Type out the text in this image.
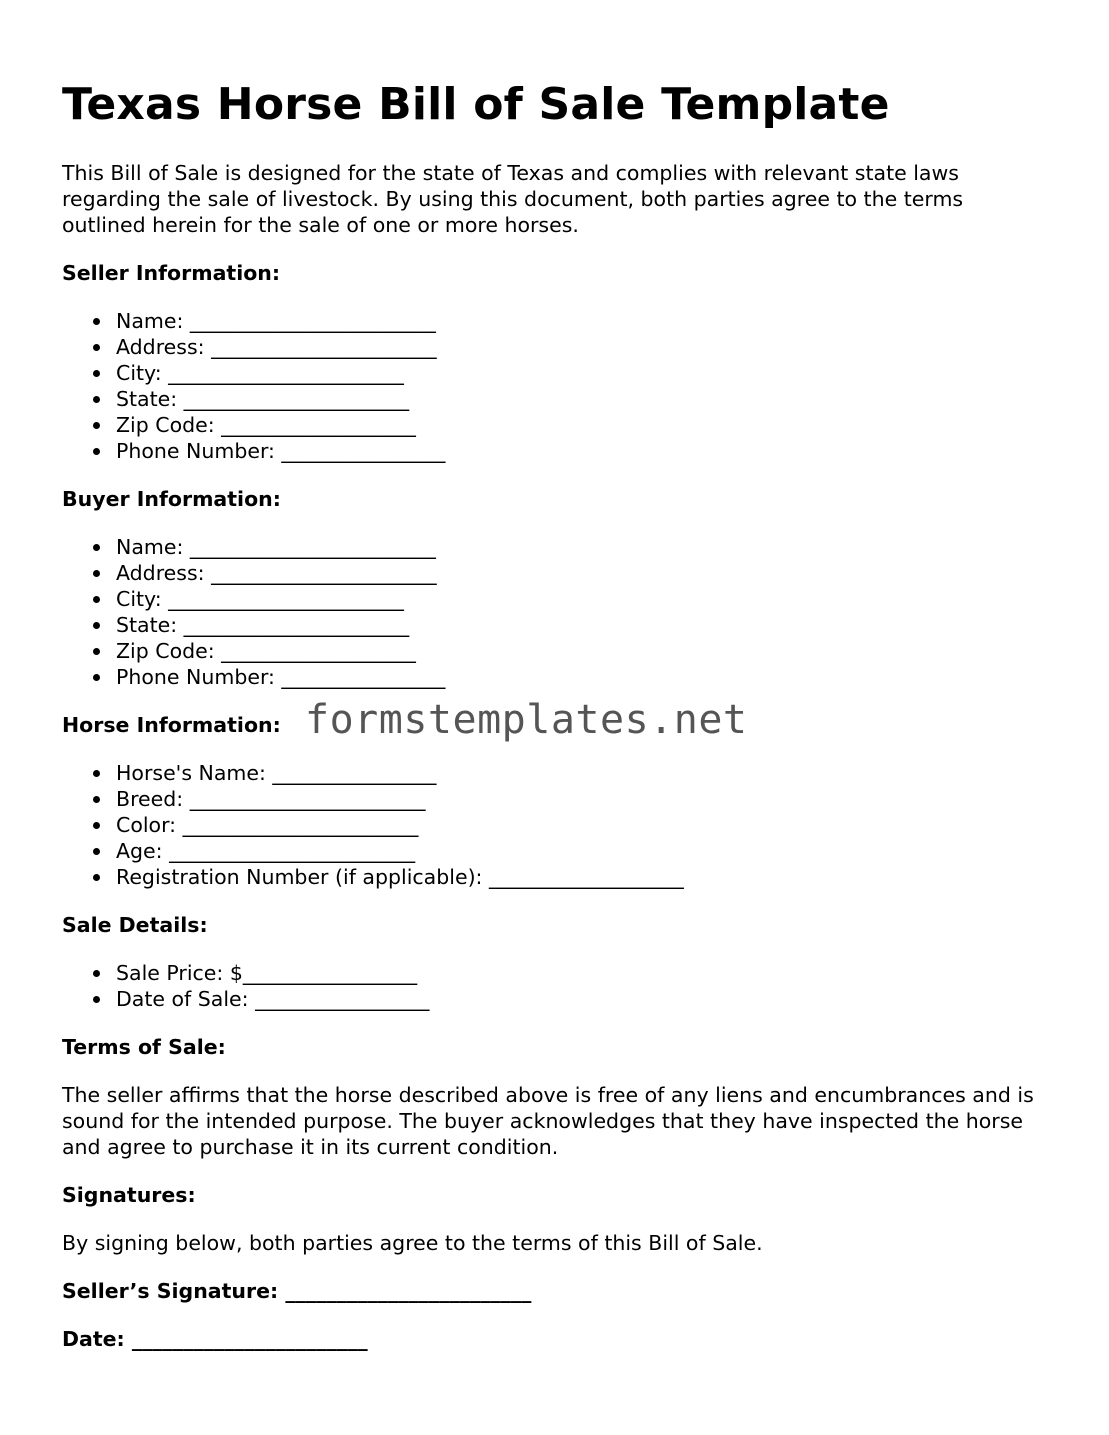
Texas Horse Bill of Sale Template

This Bill of Sale is designed for the state of Texas and complies with relevant state laws regarding the sale of livestock. By using this document, both parties agree to the terms outlined herein for the sale of one or more horses.

Seller Information:
Name: ________________________
Address: ______________________
City: _______________________
State: ______________________
Zip Code: ___________________
Phone Number: ________________
Buyer Information:
Name: ________________________
Address: ______________________
City: _______________________
State: ______________________
Zip Code: ___________________
Phone Number: ________________
Horse Information:
Horse's Name: ________________
Breed: _______________________
Color: _______________________
Age: ________________________
Registration Number (if applicable): ___________________
Sale Details:
Sale Price: $_________________
Date of Sale: _________________
Terms of Sale:

The seller affirms that the horse described above is free of any liens and encumbrances and is sound for the intended purpose. The buyer acknowledges that they have inspected the horse and agree to purchase it in its current condition.

Signatures:

By signing below, both parties agree to the terms of this Bill of Sale.

Seller’s Signature: ________________________
Date: _______________________
formstemplates.net
